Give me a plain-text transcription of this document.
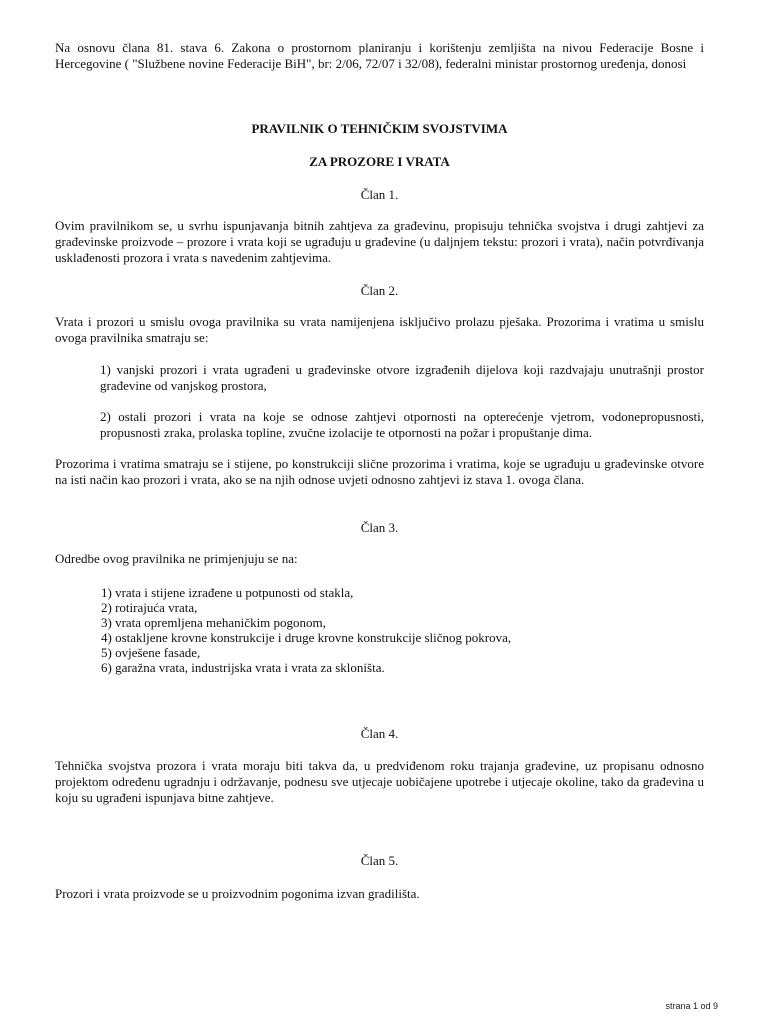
Na osnovu člana 81. stava 6. Zakona o prostornom planiranju i korištenju zemljišta na nivou Federacije Bosne i Hercegovine ( "Službene novine Federacije BiH", br: 2/06, 72/07 i 32/08), federalni ministar prostornog uređenja, donosi

PRAVILNIK O TEHNIČKIM SVOJSTVIMA

ZA PROZORE I VRATA

Član 1.

Ovim pravilnikom se, u svrhu ispunjavanja bitnih zahtjeva za građevinu, propisuju tehnička svojstva i drugi zahtjevi za građevinske proizvode – prozore i vrata koji se ugrađuju u građevine (u daljnjem tekstu: prozori i vrata), način potvrđivanja usklađenosti prozora i vrata s navedenim zahtjevima.

Član 2.

Vrata i prozori u smislu ovoga pravilnika su vrata namijenjena isključivo prolazu pješaka. Prozorima i vratima u smislu ovoga pravilnika smatraju se:

1) vanjski prozori i vrata ugrađeni u građevinske otvore izgrađenih dijelova koji razdvajaju unutrašnji prostor građevine od vanjskog prostora,

2) ostali prozori i vrata na koje se odnose zahtjevi otpornosti na opterećenje vjetrom, vodonepropusnosti, propusnosti zraka, prolaska topline, zvučne izolacije te otpornosti na požar i propuštanje dima.

Prozorima i vratima smatraju se i stijene, po konstrukciji slične prozorima i vratima, koje se ugrađuju u građevinske otvore na isti način kao prozori i vrata, ako se na njih odnose uvjeti odnosno zahtjevi iz stava 1. ovoga člana.

Član 3.

Odredbe ovog pravilnika ne primjenjuju se na:

1) vrata i stijene izrađene u potpunosti od stakla,
2) rotirajuća vrata,
3) vrata opremljena mehaničkim pogonom,
4) ostakljene krovne konstrukcije i druge krovne konstrukcije sličnog pokrova,
5) ovješene fasade,
6) garažna vrata, industrijska vrata i vrata za skloništa.

Član 4.

Tehnička svojstva prozora i vrata moraju biti takva da, u predviđenom roku trajanja građevine, uz propisanu odnosno projektom određenu ugradnju i održavanje, podnesu sve utjecaje uobičajene upotrebe i utjecaje okoline, tako da građevina u koju su ugrađeni ispunjava bitne zahtjeve.

Član 5.

Prozori i vrata proizvode se u proizvodnim pogonima izvan gradilišta.

strana 1 od 9
